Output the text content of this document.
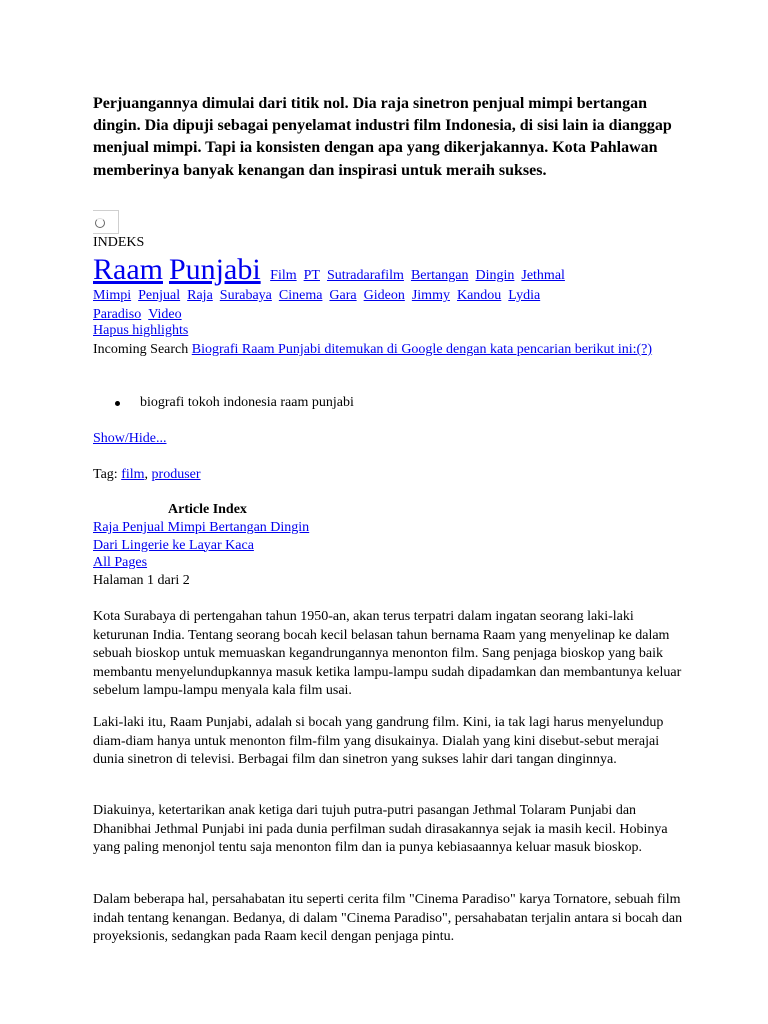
Perjuangannya dimulai dari titik nol. Dia raja sinetron penjual mimpi bertangan dingin. Dia dipuji sebagai penyelamat industri film Indonesia, di sisi lain ia dianggap menjual mimpi. Tapi ia konsisten dengan apa yang dikerjakannya. Kota Pahlawan memberinya banyak kenangan dan inspirasi untuk meraih sukses.

INDEKS
Raam Punjabi Film PT Sutradarafilm Bertangan Dingin Jethmal
Mimpi Penjual Raja Surabaya Cinema Gara Gideon Jimmy Kandou Lydia
Paradiso Video
Hapus highlights
Incoming Search Biografi Raam Punjabi ditemukan di Google dengan kata pencarian berikut ini:(?)
biografi tokoh indonesia raam punjabi
Show/Hide...
Tag: film, produser
Article Index
Raja Penjual Mimpi Bertangan Dingin
Dari Lingerie ke Layar Kaca
All Pages
Halaman 1 dari 2

Kota Surabaya di pertengahan tahun 1950-an, akan terus terpatri dalam ingatan seorang laki-laki keturunan India. Tentang seorang bocah kecil belasan tahun bernama Raam yang menyelinap ke dalam sebuah bioskop untuk memuaskan kegandrungannya menonton film. Sang penjaga bioskop yang baik membantu menyelundupkannya masuk ketika lampu-lampu sudah dipadamkan dan membantunya keluar sebelum lampu-lampu menyala kala film usai.

Laki-laki itu, Raam Punjabi, adalah si bocah yang gandrung film. Kini, ia tak lagi harus menyelundup diam-diam hanya untuk menonton film-film yang disukainya. Dialah yang kini disebut-sebut merajai dunia sinetron di televisi. Berbagai film dan sinetron yang sukses lahir dari tangan dinginnya.

Diakuinya, ketertarikan anak ketiga dari tujuh putra-putri pasangan Jethmal Tolaram Punjabi dan Dhanibhai Jethmal Punjabi ini pada dunia perfilman sudah dirasakannya sejak ia masih kecil. Hobinya yang paling menonjol tentu saja menonton film dan ia punya kebiasaannya keluar masuk bioskop.

Dalam beberapa hal, persahabatan itu seperti cerita film "Cinema Paradiso" karya Tornatore, sebuah film indah tentang kenangan. Bedanya, di dalam "Cinema Paradiso", persahabatan terjalin antara si bocah dan proyeksionis, sedangkan pada Raam kecil dengan penjaga pintu.
